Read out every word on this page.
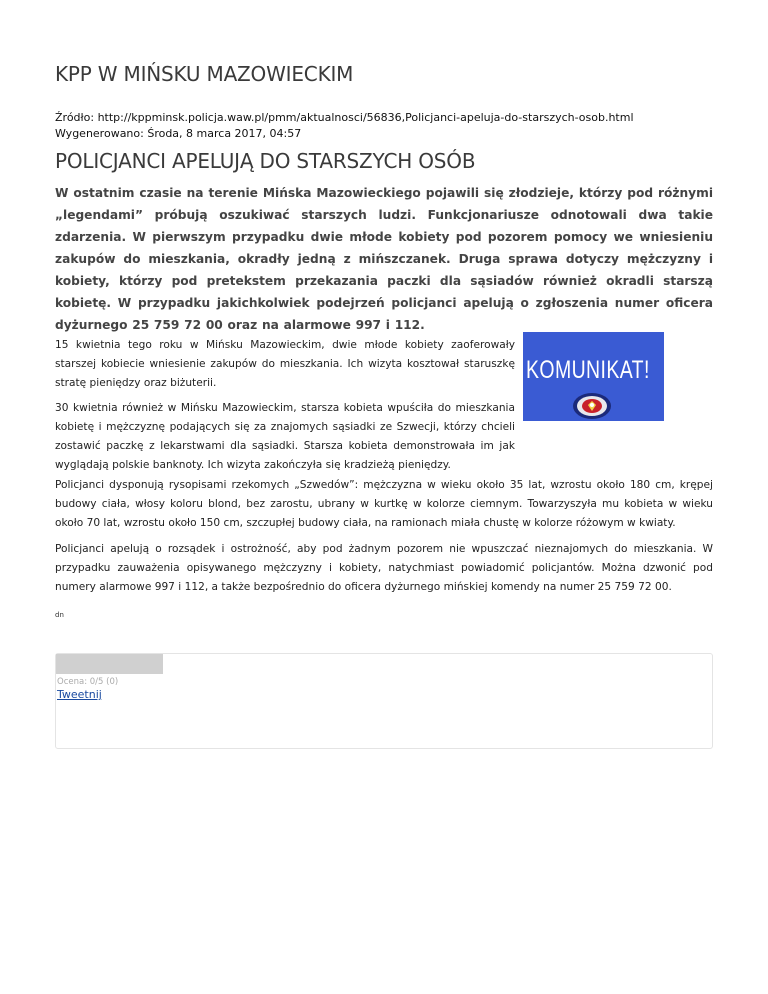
KPP W MIŃSKU MAZOWIECKIM
Źródło: http://kppminsk.policja.waw.pl/pmm/aktualnosci/56836,Policjanci-apeluja-do-starszych-osob.html
Wygenerowano: Środa, 8 marca 2017, 04:57
POLICJANCI APELUJĄ DO STARSZYCH OSÓB
W ostatnim czasie na terenie Mińska Mazowieckiego pojawili się złodzieje, którzy pod różnymi „legendami” próbują oszukiwać starszych ludzi. Funkcjonariusze odnotowali dwa takie zdarzenia. W pierwszym przypadku dwie młode kobiety pod pozorem pomocy we wniesieniu zakupów do mieszkania, okradły jedną z mińszczanek. Druga sprawa dotyczy mężczyzny i kobiety, którzy pod pretekstem przekazania paczki dla sąsiadów również okradli starszą kobietę. W przypadku jakichkolwiek podejrzeń policjanci apelują o zgłoszenia numer oficera dyżurnego 25 759 72 00 oraz na alarmowe 997 i 112.
KOMUNIKAT!

15 kwietnia tego roku w Mińsku Mazowieckim, dwie młode kobiety zaoferowały starszej kobiecie wniesienie zakupów do mieszkania. Ich wizyta kosztował staruszkę stratę pieniędzy oraz biżuterii.

30 kwietnia również w Mińsku Mazowieckim, starsza kobieta wpuściła do mieszkania kobietę i mężczyznę podających się za znajomych sąsiadki ze Szwecji, którzy chcieli zostawić paczkę z lekarstwami dla sąsiadki. Starsza kobieta demonstrowała im jak wyglądają polskie banknoty. Ich wizyta zakończyła się kradzieżą pieniędzy.

Policjanci dysponują rysopisami rzekomych „Szwedów”: mężczyzna w wieku około 35 lat, wzrostu około 180 cm, krępej budowy ciała, włosy koloru blond, bez zarostu, ubrany w kurtkę w kolorze ciemnym. Towarzyszyła mu kobieta w wieku około 70 lat, wzrostu około 150 cm, szczupłej budowy ciała, na ramionach miała chustę w kolorze różowym w kwiaty.

Policjanci apelują o rozsądek i ostrożność, aby pod żadnym pozorem nie wpuszczać nieznajomych do mieszkania. W przypadku zauważenia opisywanego mężczyzny i kobiety, natychmiast powiadomić policjantów. Można dzwonić pod numery alarmowe 997 i 112, a także bezpośrednio do oficera dyżurnego mińskiej komendy na numer 25 759 72 00.

dn
Ocena: 0/5 (0)
Tweetnij
